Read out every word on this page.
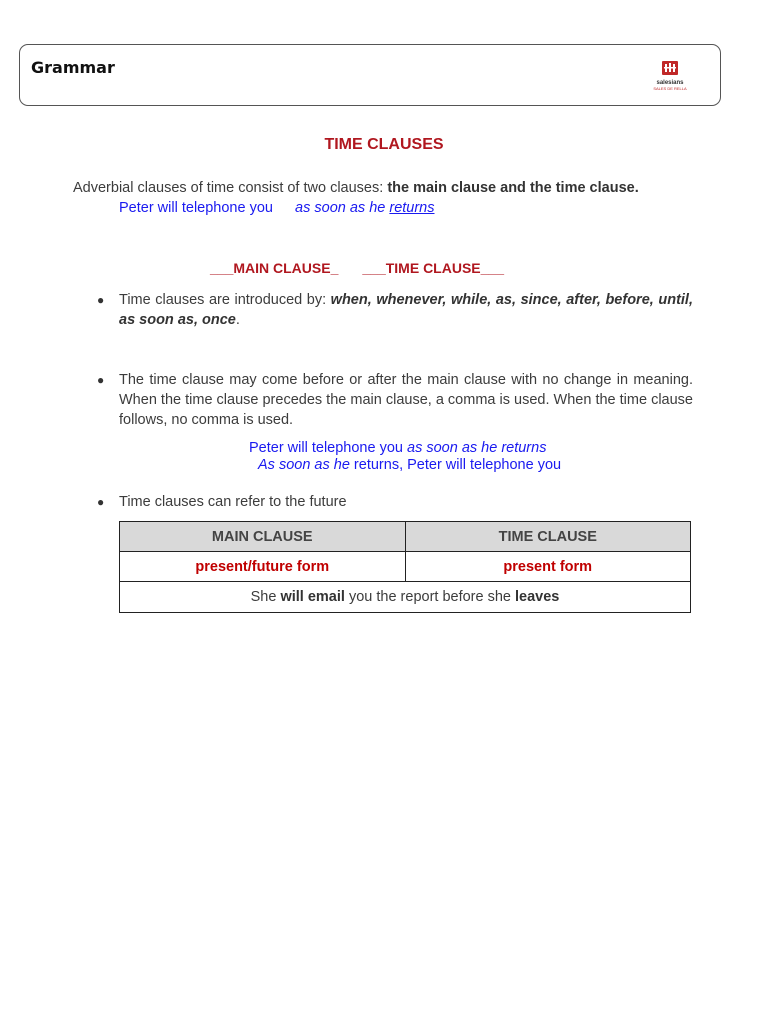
Grammar
salesians
SALES DE RELLA
TIME CLAUSES
Adverbial clauses of time consist of two clauses: the main clause and the time clause.
Peter will telephone you as soon as he returns
___MAIN CLAUSE_ ___TIME CLAUSE___
● Time clauses are introduced by: when, whenever, while, as, since, after, before, until, as soon as, once.
● The time clause may come before or after the main clause with no change in meaning. When the time clause precedes the main clause, a comma is used. When the time clause follows, no comma is used.
Peter will telephone you as soon as he returns
As soon as he returns, Peter will telephone you
● Time clauses can refer to the future
MAIN CLAUSE	TIME CLAUSE
present/future form	present form
She will email you the report before she leaves	
